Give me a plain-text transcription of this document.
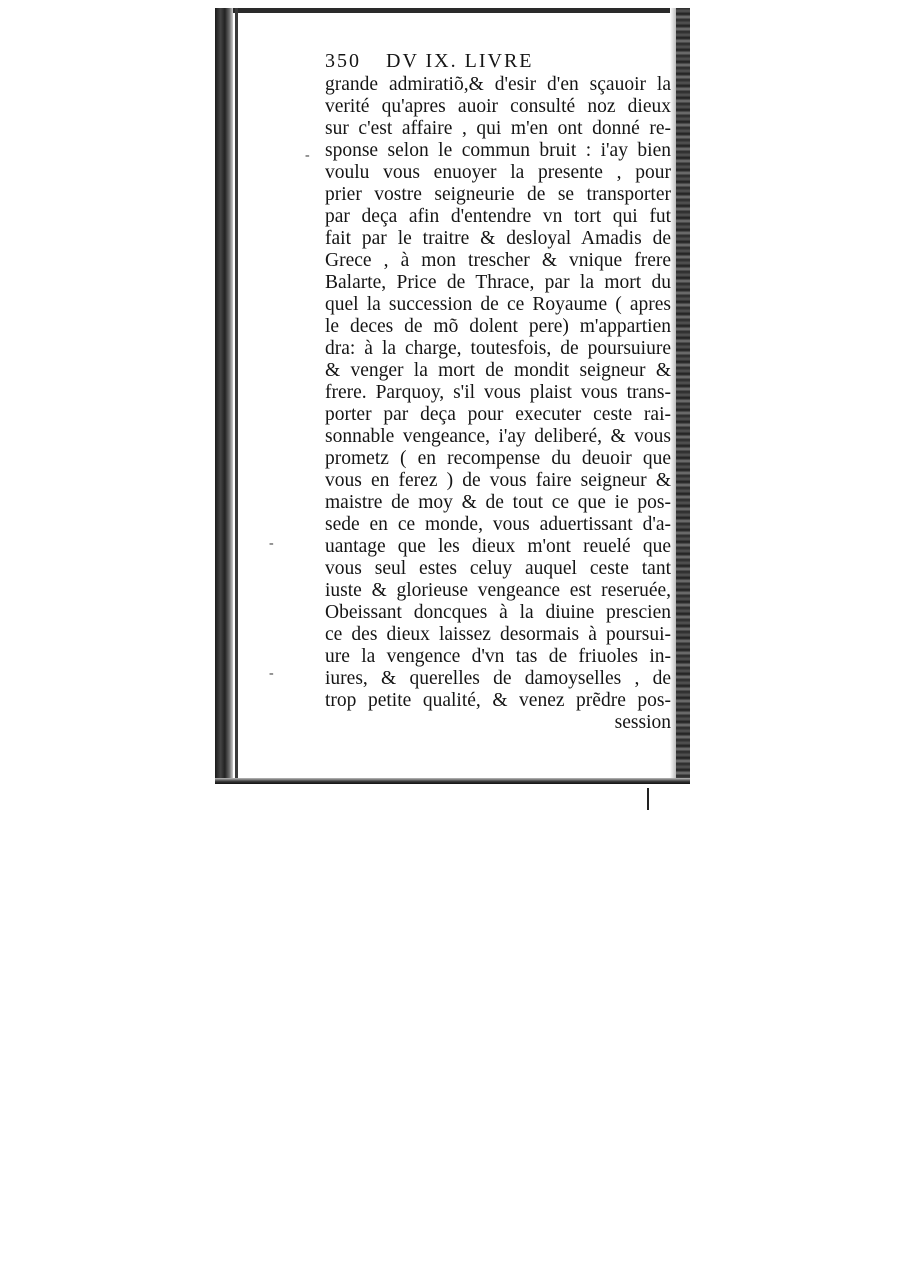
350 DV IX. LIVRE
grande admiratiõ,& d'esir d'en sçauoir la
verité qu'apres auoir consulté noz dieux
sur c'est affaire , qui m'en ont donné re-
sponse selon le commun bruit : i'ay bien
voulu vous enuoyer la presente , pour
prier vostre seigneurie de se transporter
par deça afin d'entendre vn tort qui fut
fait par le traitre & desloyal Amadis de
Grece , à mon trescher & vnique frere
Balarte, Price de Thrace, par la mort du
quel la succession de ce Royaume ( apres
le deces de mõ dolent pere) m'appartien
dra: à la charge, toutesfois, de poursuiure
& venger la mort de mondit seigneur &
frere. Parquoy, s'il vous plaist vous trans-
porter par deça pour executer ceste rai-
sonnable vengeance, i'ay deliberé, & vous
prometz ( en recompense du deuoir que
vous en ferez ) de vous faire seigneur &
maistre de moy & de tout ce que ie pos-
sede en ce monde, vous aduertissant d'a-
uantage que les dieux m'ont reuelé que
vous seul estes celuy auquel ceste tant
iuste & glorieuse vengeance est reseruée,
Obeissant doncques à la diuine prescien
ce des dieux laissez desormais à poursui-
ure la vengence d'vn tas de friuoles in-
iures, & querelles de damoyselles , de
trop petite qualité, & venez prẽdre pos-
session
-
-
-
